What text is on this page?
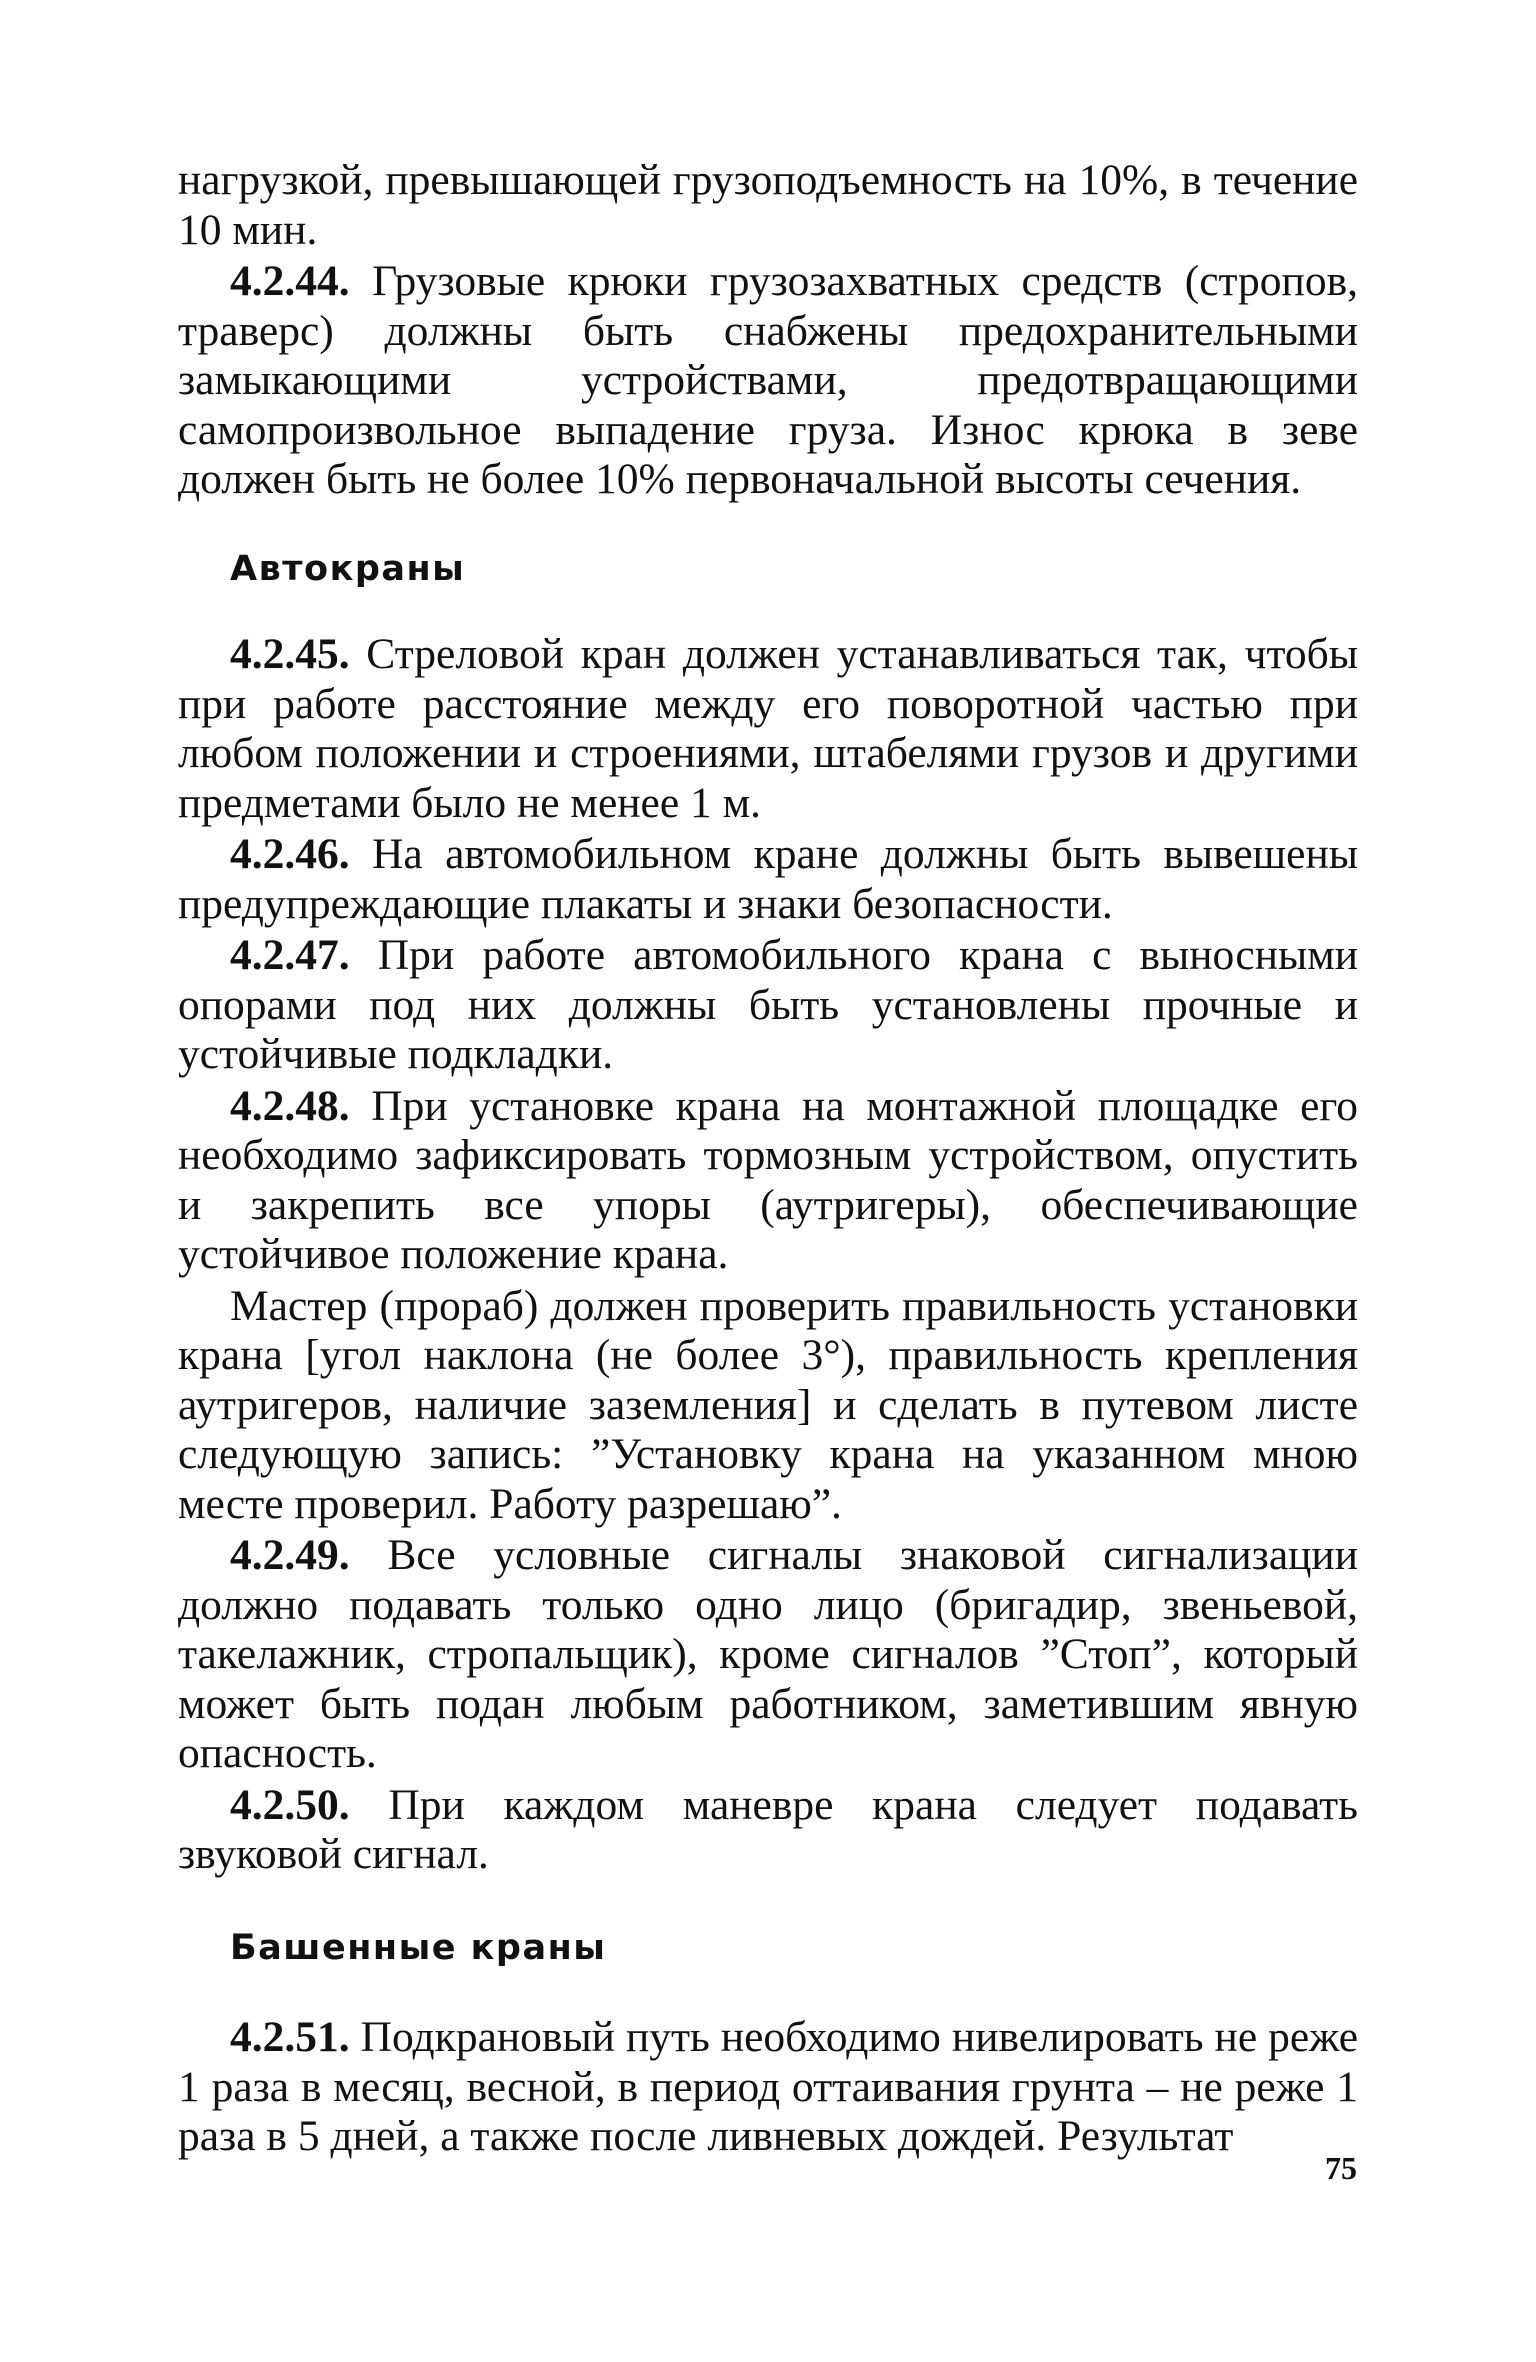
нагрузкой, превышающей грузоподъемность на 10%, в течение 10 мин.

4.2.44. Грузовые крюки грузозахватных средств (стропов, траверс) должны быть снабжены предохранительными замыкающими устройствами, предотвращающими самопроизвольное выпадение груза. Износ крюка в зеве должен быть не более 10% первоначальной высоты сечения.

Автокраны

4.2.45. Стреловой кран должен устанавливаться так, чтобы при работе расстояние между его поворотной частью при любом положении и строениями, штабелями грузов и другими предметами было не менее 1 м.

4.2.46. На автомобильном кране должны быть вывешены предупреждающие плакаты и знаки безопасности.

4.2.47. При работе автомобильного крана с выносными опорами под них должны быть установлены прочные и устойчивые подкладки.

4.2.48. При установке крана на монтажной площадке его необходимо зафиксировать тормозным устройством, опустить и закрепить все упоры (аутригеры), обеспечивающие устойчивое положение крана.

Мастер (прораб) должен проверить правильность установки крана [угол наклона (не более 3°), правильность крепления аутригеров, наличие заземления] и сделать в путевом листе следующую запись: ”Установку крана на указанном мною месте проверил. Работу разрешаю”.

4.2.49. Все условные сигналы знаковой сигнализации должно подавать только одно лицо (бригадир, звеньевой, такелажник, стропальщик), кроме сигналов ”Стоп”, который может быть подан любым работником, заметившим явную опасность.

4.2.50. При каждом маневре крана следует подавать звуковой сигнал.

Башенные краны

4.2.51. Подкрановый путь необходимо нивелировать не реже 1 раза в месяц, весной, в период оттаивания грунта – не реже 1 раза в 5 дней, а также после ливневых дождей. Результат

75
